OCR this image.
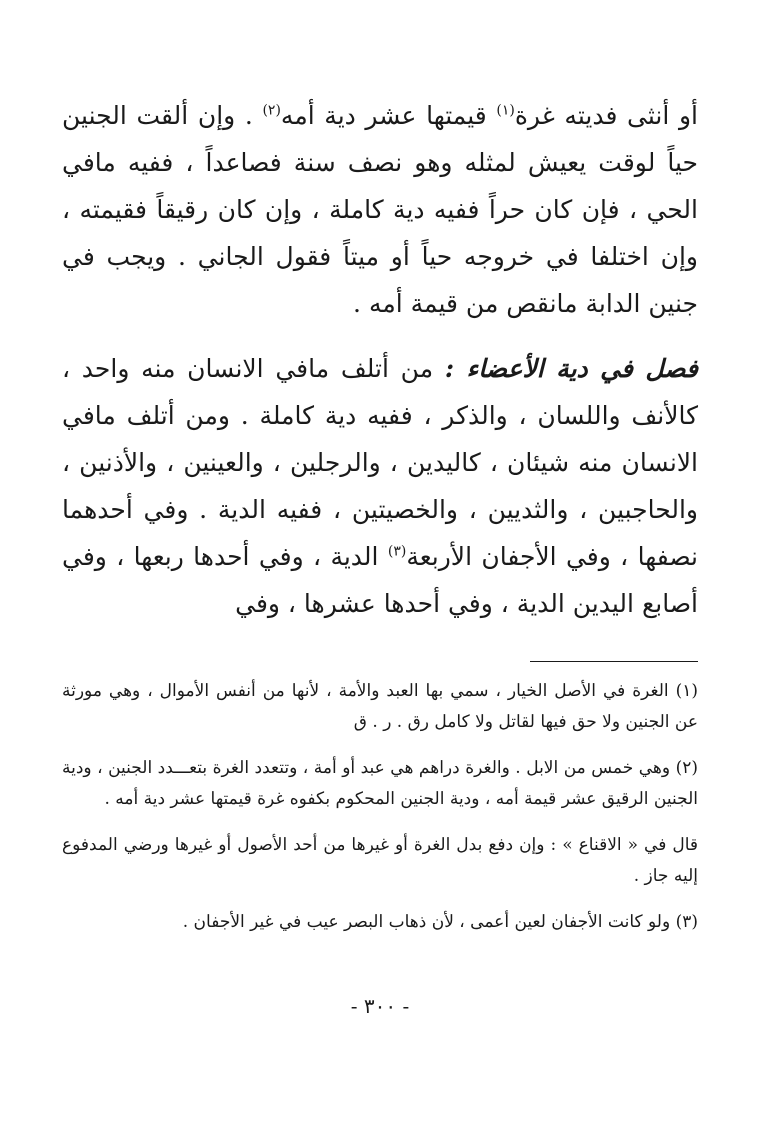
أو أنثى فديته غرة$^{(١)}$ قيمتها عشر دية أمه$^{(٢)}$ . وإن ألقت الجنين حياً لوقت يعيش لمثله وهو نصف سنة فصاعداً ، ففيه مافي الحي ، فإن كان حراً ففيه دية كاملة ، وإن كان رقيقاً فقيمته ، وإن اختلفا في خروجه حياً أو ميتاً فقول الجاني . ويجب في جنين الدابة مانقص من قيمة أمه .

فصل في دية الأعضاء : من أتلف مافي الانسان منه واحد ، كالأنف واللسان ، والذكر ، ففيه دية كاملة . ومن أتلف مافي الانسان منه شيئان ، كاليدين ، والرجلين ، والعينين ، والأذنين ، والحاجبين ، والثديين ، والخصيتين ، ففيه الدية . وفي أحدهما نصفها ، وفي الأجفان الأربعة$^{(٣)}$ الدية ، وفي أحدها ربعها ، وفي أصابع اليدين الدية ، وفي أحدها عشرها ، وفي

(١) الغرة في الأصل الخيار ، سمي بها العبد والأمة ، لأنها من أنفس الأموال ، وهي مورثة عن الجنين ولا حق فيها لقاتل ولا كامل رق . ر . ق

(٢) وهي خمس من الابل . والغرة دراهم هي عبد أو أمة ، وتتعدد الغرة بتعـــدد الجنين ، ودية الجنين الرقيق عشر قيمة أمه ، ودية الجنين المحكوم بكفوه غرة قيمتها عشر دية أمه .

قال في « الاقناع » : وإن دفع بدل الغرة أو غيرها من أحد الأصول أو غيرها ورضي المدفوع إليه جاز .

(٣) ولو كانت الأجفان لعين أعمى ، لأن ذهاب البصر عيب في غير الأجفان .

- ٣٠٠ -
